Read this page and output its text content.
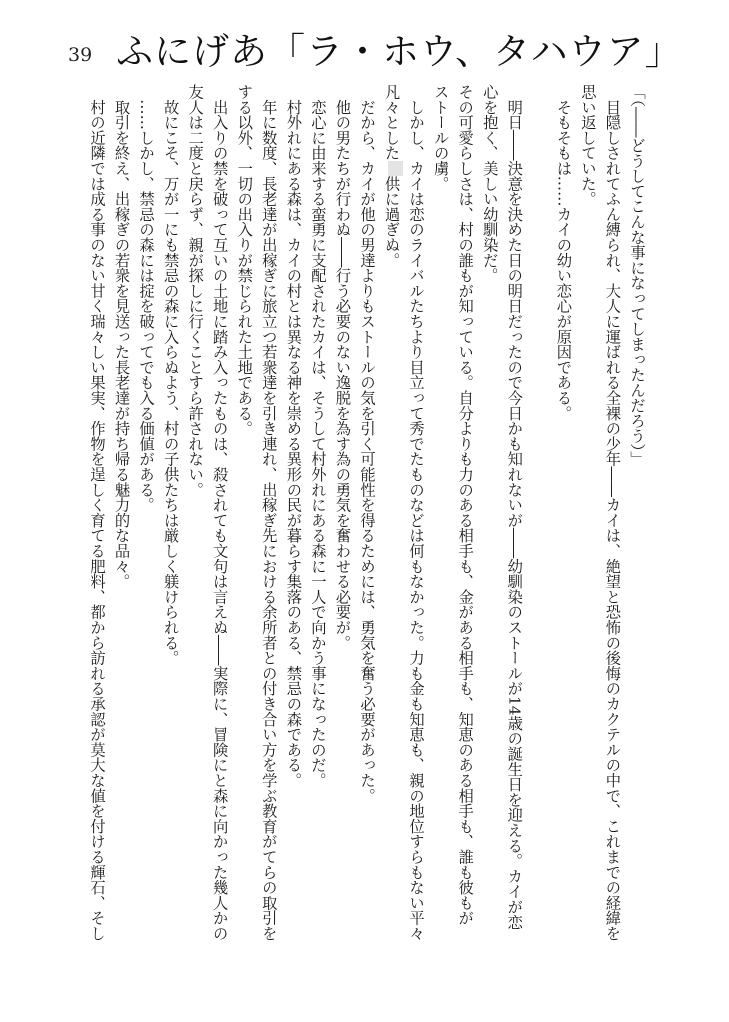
39 ふにげあ「ラ・ホウ、タハウア」
「（――どうしてこんな事になってしまったんだろう）」
　目隠しされてふん縛られ、大人に運ばれる全裸の少年――カイは、絶望と恐怖の後悔のカクテルの中で、これまでの経緯を
思い返していた。
　そもそもは……カイの幼い恋心が原因である。

　明日――決意を決めた日の明日だったので今日かも知れないが――幼馴染のストールが14歳の誕生日を迎える。カイが恋
心を抱く、美しい幼馴染だ。
その可愛らしさは、村の誰もが知っている。自分よりも力のある相手も、金がある相手も、知恵のある相手も、誰も彼もが
ストールの虜。
　しかし、カイは恋のライバルたちより目立って秀でたものなどは何もなかった。力も金も知恵も、親の地位すらもない平々
凡々とした供に過ぎぬ。
　だから、カイが他の男達よりもストールの気を引く可能性を得るためには、勇気を奮う必要があった。
　他の男たちが行わぬ――行う必要のない逸脱を為す為の勇気を奮わせる必要が。
　恋心に由来する蛮勇に支配されたカイは、そうして村外れにある森に一人で向かう事になったのだ。
　村外れにある森は、カイの村とは異なる神を崇める異形の民が暮らす集落のある、禁忌の森である。
　年に数度、長老達が出稼ぎに旅立つ若衆達を引き連れ、出稼ぎ先における余所者との付き合い方を学ぶ教育がてらの取引を
する以外、一切の出入りが禁じられた土地である。
　出入りの禁を破って互いの土地に踏み入ったものは、殺されても文句は言えぬ――実際に、冒険にと森に向かった幾人かの
友人は二度と戻らず、親が探しに行くことすら許されない。
　故にこそ、万が一にも禁忌の森に入らぬよう、村の子供たちは厳しく躾けられる。
　……しかし、禁忌の森には掟を破ってでも入る価値がある。
　取引を終え、出稼ぎの若衆を見送った長老達が持ち帰る魅力的な品々。
　村の近隣では成る事のない甘く瑞々しい果実、作物を逞しく育てる肥料、都から訪れる承認が莫大な値を付ける輝石、そし
